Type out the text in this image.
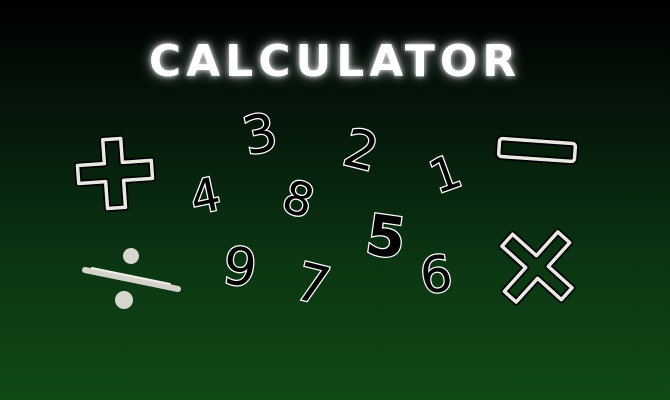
CALCULATOR
3 2
4 8 1
5
9 7 6
